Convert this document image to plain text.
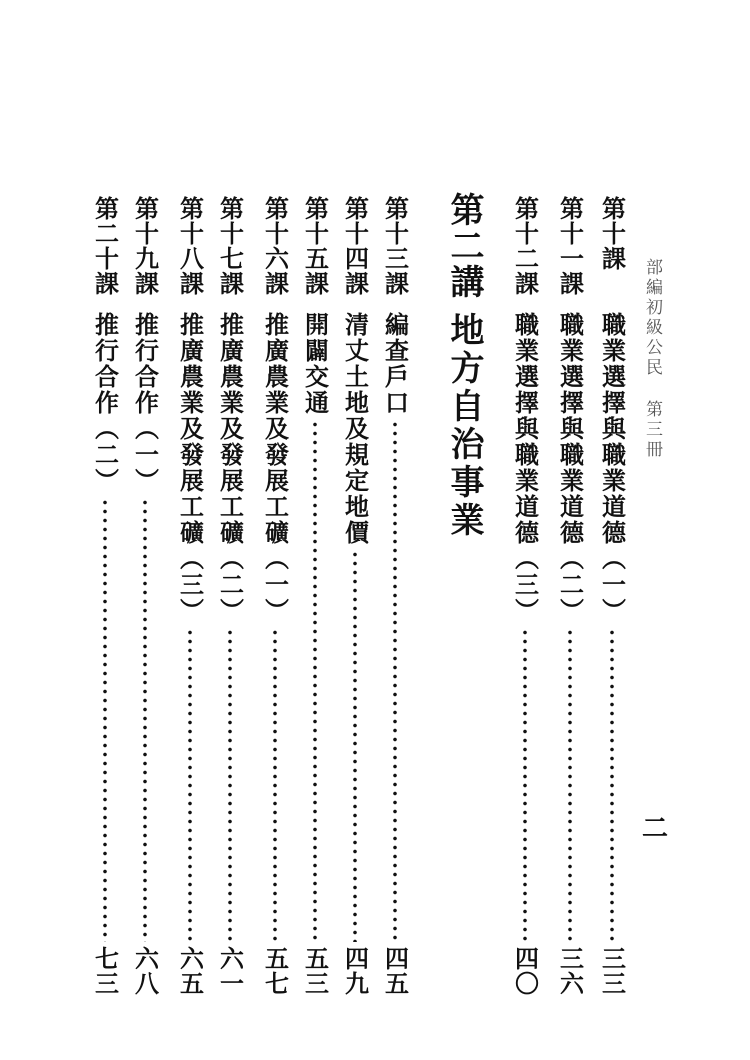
部編初級公民第三冊
二
第二講
地方自治事業
第十課
職業選擇與職業道德（一）
三三
第十一課
職業選擇與職業道德（二）
三六
第十二課
職業選擇與職業道德（三）
四〇
第十三課
編查戶口
四五
第十四課
清丈土地及規定地價
四九
第十五課
開闢交通
五三
第十六課
推廣農業及發展工礦（一）
五七
第十七課
推廣農業及發展工礦（二）
六一
第十八課
推廣農業及發展工礦（三）
六五
第十九課
推行合作（一）
六八
第二十課
推行合作（二）
七三
